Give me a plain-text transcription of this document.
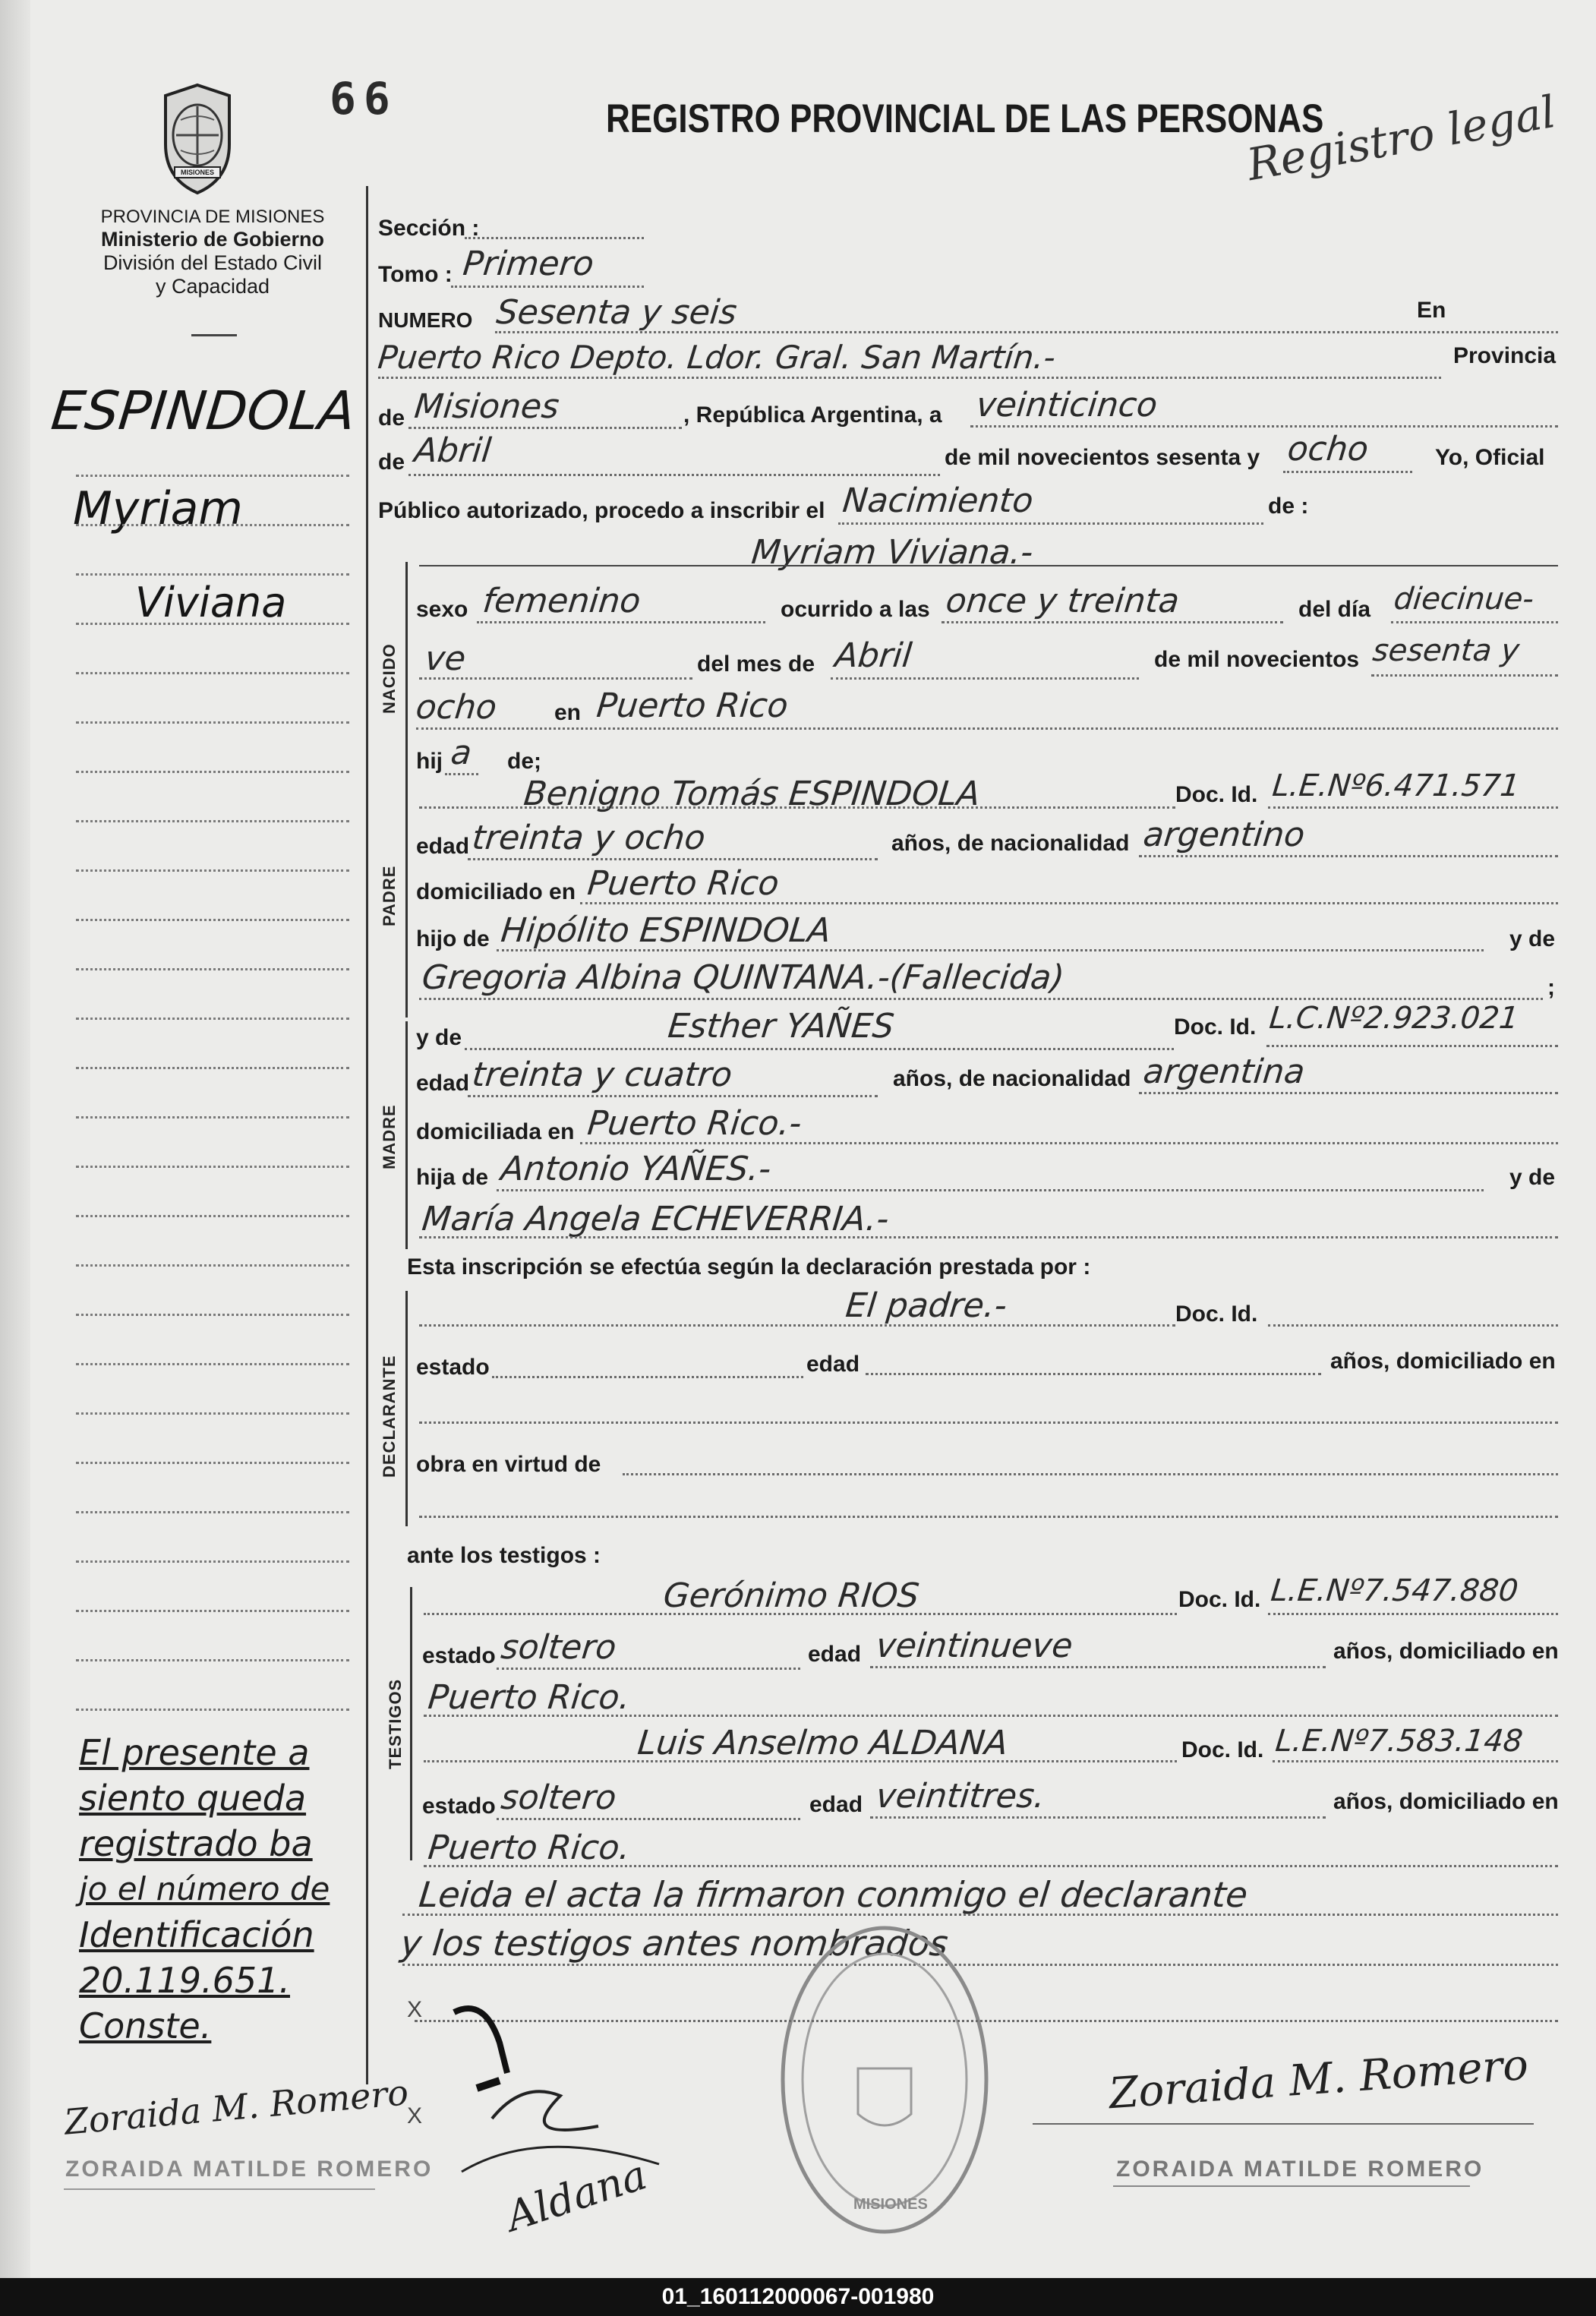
MISIONES
66	REGISTRO PROVINCIAL DE LAS PERSONAS
Registro legal
PROVINCIA DE MISIONES
Ministerio de Gobierno
División del Estado Civil
y Capacidad
ESPINDOLA
Myriam
Viviana
El presente a
siento queda
registrado ba
jo el número de
Identificación
20.119.651.
Conste.
Zoraida M. Romero
ZORAIDA MATILDE ROMERO
Sección :
Tomo : Primero
NUMERO Sesenta y seis	En
Puerto Rico Depto. Ldor. Gral. San Martín.-	Provincia
de Misiones	, República Argentina, a veinticinco
de Abril	de mil novecientos sesenta y ocho	Yo, Oficial
Público autorizado, procedo a inscribir el Nacimiento	de :
NACIDO
Myriam Viviana.-
sexo femenino	ocurrido a las once y treinta	del día diecinue-
ve	del mes de Abril	de mil novecientos sesenta y
ocho en Puerto Rico
hij a de;
PADRE
Benigno Tomás ESPINDOLA	Doc. Id. L.E.Nº6.471.571
edad treinta y ocho	años, de nacionalidad argentino
domiciliado en Puerto Rico
hijo de Hipólito ESPINDOLA	y de
Gregoria Albina QUINTANA.-(Fallecida)	;
MADRE
y de	Esther YAÑES	Doc. Id. L.C.Nº2.923.021
edad treinta y cuatro	años, de nacionalidad argentina
domiciliada en Puerto Rico.-
hija de Antonio YAÑES.-	y de
María Angela ECHEVERRIA.-
Esta inscripción se efectúa según la declaración prestada por :
DECLARANTE
El padre.-	Doc. Id.
estado	edad	años, domiciliado en
obra en virtud de
ante los testigos :
TESTIGOS
Gerónimo RIOS	Doc. Id. L.E.Nº7.547.880
estado soltero	edad veintinueve	años, domiciliado en
Puerto Rico.
Luis Anselmo ALDANA	Doc. Id. L.E.Nº7.583.148
estado soltero	edad veintitres.	años, domiciliado en
Puerto Rico.
Leida el acta la firmaron conmigo el declarante
y los testigos antes nombrados
MISIONES
X
X
Aldana
Zoraida M. Romero
ZORAIDA MATILDE ROMERO
01_160112000067-001980
